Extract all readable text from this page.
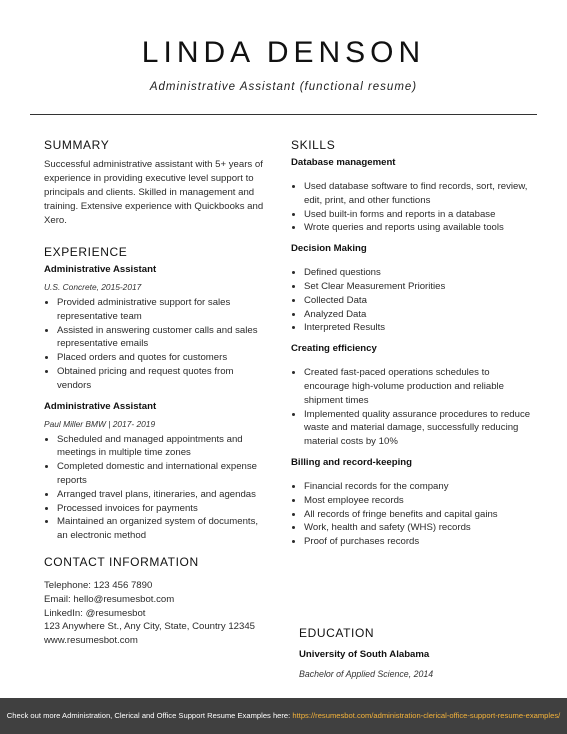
LINDA DENSON
Administrative Assistant (functional resume)
SUMMARY

Successful administrative assistant with 5+ years of experience in providing executive level support to principals and clients. Skilled in management and training. Extensive experience with Quickbooks and Xero.

EXPERIENCE

Administrative Assistant

U.S. Concrete, 2015-2017

• Provided administrative support for sales representative team
• Assisted in answering customer calls and sales representative emails
• Placed orders and quotes for customers
• Obtained pricing and request quotes from vendors

Administrative Assistant

Paul Miller BMW | 2017- 2019

• Scheduled and managed appointments and meetings in multiple time zones
• Completed domestic and international expense reports
• Arranged travel plans, itineraries, and agendas
• Processed invoices for payments
• Maintained an organized system of documents, an electronic method
CONTACT INFORMATION
Telephone: 123 456 7890
Email: hello@resumesbot.com
LinkedIn: @resumesbot
123 Anywhere St., Any City, State, Country 12345
www.resumesbot.com
SKILLS

Database management

• Used database software to find records, sort, review, edit, print, and other functions
• Used built-in forms and reports in a database
• Wrote queries and reports using available tools

Decision Making

• Defined questions
• Set Clear Measurement Priorities
• Collected Data
• Analyzed Data
• Interpreted Results

Creating efficiency

• Created fast-paced operations schedules to encourage high-volume production and reliable shipment times
• Implemented quality assurance procedures to reduce waste and material damage, successfully reducing material costs by 10%

Billing and record-keeping

• Financial records for the company
• Most employee records
• All records of fringe benefits and capital gains
• Work, health and safety (WHS) records
• Proof of purchases records
EDUCATION
University of South Alabama
Bachelor of Applied Science, 2014
Check out more Administration, Clerical and Office Support Resume Examples here: https://resumesbot.com/administration-clerical-office-support-resume-examples/
